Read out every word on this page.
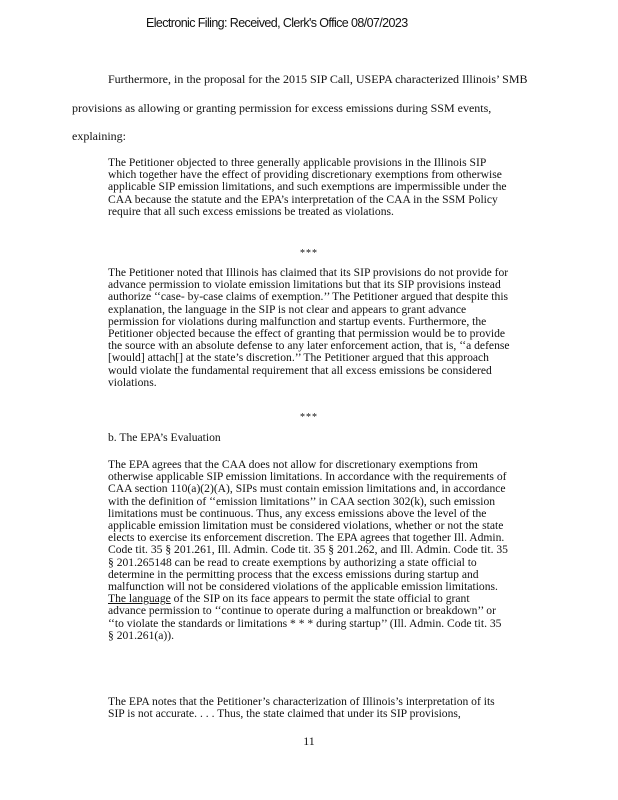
Electronic Filing: Received, Clerk's Office 08/07/2023
Furthermore, in the proposal for the 2015 SIP Call, USEPA characterized Illinois’ SMB
provisions as allowing or granting permission for excess emissions during SSM events,
explaining:

The Petitioner objected to three generally applicable provisions in the Illinois SIP which together have the effect of providing discretionary exemptions from otherwise applicable SIP emission limitations, and such exemptions are impermissible under the CAA because the statute and the EPA’s interpretation of the CAA in the SSM Policy require that all such excess emissions be treated as violations.

***

The Petitioner noted that Illinois has claimed that its SIP provisions do not provide for advance permission to violate emission limitations but that its SIP provisions instead authorize ‘‘case- by-case claims of exemption.’’ The Petitioner argued that despite this explanation, the language in the SIP is not clear and appears to grant advance permission for violations during malfunction and startup events. Furthermore, the Petitioner objected because the effect of granting that permission would be to provide the source with an absolute defense to any later enforcement action, that is, ‘‘a defense [would] attach[] at the state’s discretion.’’ The Petitioner argued that this approach would violate the fundamental requirement that all excess emissions be considered violations.

***
b. The EPA’s Evaluation

The EPA agrees that the CAA does not allow for discretionary exemptions from otherwise applicable SIP emission limitations. In accordance with the requirements of CAA section 110(a)(2)(A), SIPs must contain emission limitations and, in accordance with the definition of ‘‘emission limitations’’ in CAA section 302(k), such emission limitations must be continuous. Thus, any excess emissions above the level of the applicable emission limitation must be considered violations, whether or not the state elects to exercise its enforcement discretion. The EPA agrees that together Ill. Admin. Code tit. 35 § 201.261, Ill. Admin. Code tit. 35 § 201.262, and Ill. Admin. Code tit. 35 § 201.265148 can be read to create exemptions by authorizing a state official to determine in the permitting process that the excess emissions during startup and malfunction will not be considered violations of the applicable emission limitations. The language of the SIP on its face appears to permit the state official to grant advance permission to ‘‘continue to operate during a malfunction or breakdown’’ or ‘‘to violate the standards or limitations * * * during startup’’ (Ill. Admin. Code tit. 35 § 201.261(a)).

The EPA notes that the Petitioner’s characterization of Illinois’s interpretation of its SIP is not accurate. . . . Thus, the state claimed that under its SIP provisions,

11
